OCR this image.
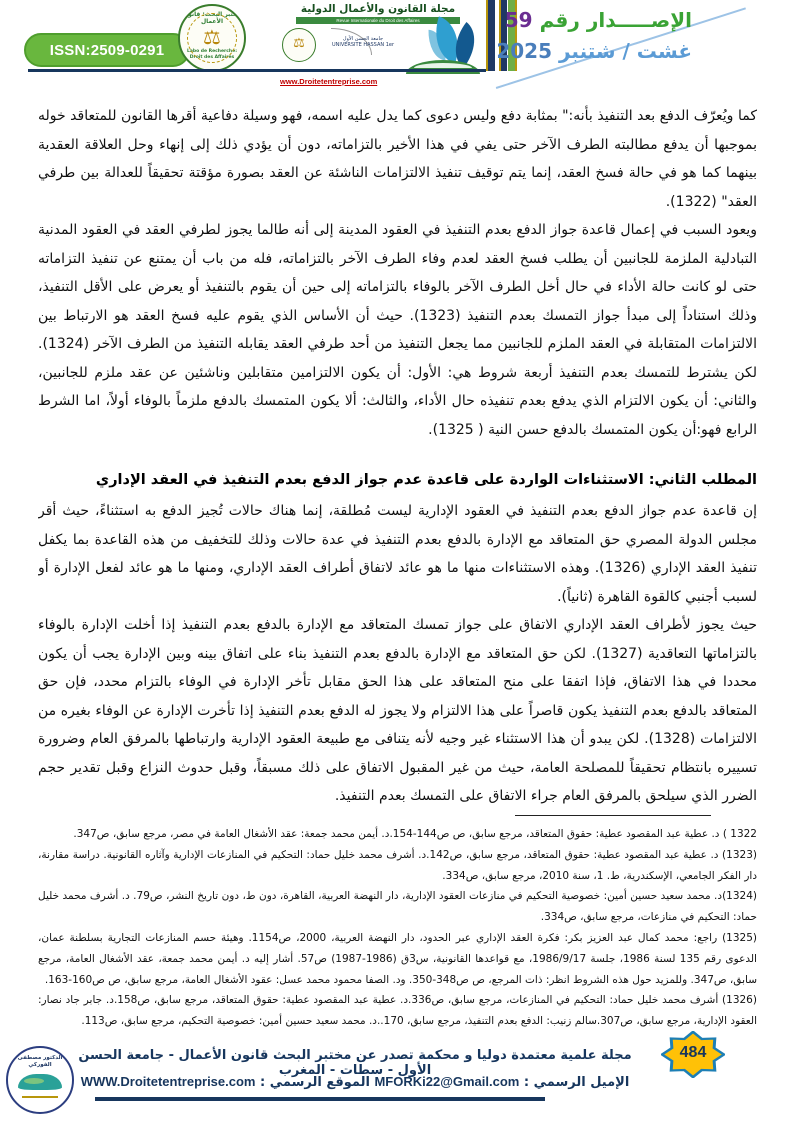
ISSN:2509-0291
مختبر البحث: قانون الأعمال
⚖
Labo de Recherche: Droit des Affaires
مجلة القانون والأعمال الدولية
Revue Internationale du Droit des Affaires
⚖	جامعة الحسن الأول UNIVERSITE HASSAN 1er
www.Droitetentreprise.com
الإصـــــدار رقم 59
غشت / شتنبر 2025

كما ويُعرّف الدفع بعد التنفيذ بأنه:" بمثابة دفع وليس دعوى كما يدل عليه اسمه، فهو وسيلة دفاعية أقرها القانون للمتعاقد خوله بموجبها أن يدفع مطالبته الطرف الآخر حتى يفي في هذا الأخير بالتزاماته، دون أن يؤدي ذلك إلى إنهاء وحل العلاقة العقدية بينهما كما هو في حالة فسخ العقد، إنما يتم توقيف تنفيذ الالتزامات الناشئة عن العقد بصورة مؤقتة تحقيقاً للعدالة بين طرفي العقد" (1322).

ويعود السبب في إعمال قاعدة جواز الدفع بعدم التنفيذ في العقود المدينة إلى أنه طالما يجوز لطرفي العقد في العقود المدنية التبادلية الملزمة للجانبين أن يطلب فسخ العقد لعدم وفاء الطرف الآخر بالتزاماته، فله من باب أن يمتنع عن تنفيذ التزاماته حتى لو كانت حالة الأداء في حال أخل الطرف الآخر بالوفاء بالتزاماته إلى حين أن يقوم بالتنفيذ أو يعرض على الأقل التنفيذ، وذلك استناداً إلى مبدأ جواز التمسك بعدم التنفيذ (1323). حيث أن الأساس الذي يقوم عليه فسخ العقد هو الارتباط بين الالتزامات المتقابلة في العقد الملزم للجانبين مما يجعل التنفيذ من أحد طرفي العقد يقابله التنفيذ من الطرف الآخر (1324). لكن يشترط للتمسك بعدم التنفيذ أربعة شروط هي: الأول: أن يكون الالتزامين متقابلين وناشئين عن عقد ملزم للجانبين، والثاني: أن يكون الالتزام الذي يدفع بعدم تنفيذه حال الأداء، والثالث: ألا يكون المتمسك بالدفع ملزماً بالوفاء أولاً، اما الشرط الرابع فهو:أن يكون المتمسك بالدفع حسن النية ( 1325).

المطلب الثاني: الاستثناءات الواردة على قاعدة عدم جواز الدفع بعدم التنفيذ في العقد الإداري

إن قاعدة عدم جواز الدفع بعدم التنفيذ في العقود الإدارية ليست مُطلقة، إنما هناك حالات تُجيز الدفع به استثناءً، حيث أقر مجلس الدولة المصري حق المتعاقد مع الإدارة بالدفع بعدم التنفيذ في عدة حالات وذلك للتخفيف من هذه القاعدة بما يكفل تنفيذ العقد الإداري (1326). وهذه الاستثناءات منها ما هو عائد لاتفاق أطراف العقد الإداري، ومنها ما هو عائد لفعل الإدارة أو لسبب أجنبي كالقوة القاهرة (ثانياً).

حيث يجوز لأطراف العقد الإداري الاتفاق على جواز تمسك المتعاقد مع الإدارة بالدفع بعدم التنفيذ إذا أخلت الإدارة بالوفاء بالتزاماتها التعاقدية (1327). لكن حق المتعاقد مع الإدارة بالدفع بعدم التنفيذ بناء على اتفاق بينه وبين الإدارة يجب أن يكون محددا في هذا الاتفاق، فإذا اتفقا على منح المتعاقد على هذا الحق مقابل تأخر الإدارة في الوفاء بالتزام محدد، فإن حق المتعاقد بالدفع بعدم التنفيذ يكون قاصراً على هذا الالتزام ولا يجوز له الدفع بعدم التنفيذ إذا تأخرت الإدارة عن الوفاء بغيره من الالتزامات (1328). لكن يبدو أن هذا الاستثناء غير وجيه لأنه يتنافى مع طبيعة العقود الإدارية وارتباطها بالمرفق العام وضرورة تسييره بانتظام تحقيقاً للمصلحة العامة، حيث من غير المقبول الاتفاق على ذلك مسبقاً، وقبل حدوث النزاع وقبل تقدير حجم الضرر الذي سيلحق بالمرفق العام جراء الاتفاق على التمسك بعدم التنفيذ.

1322 ) د. عطية عبد المقصود عطية: حقوق المتعاقد، مرجع سابق، ص ص144-154.د. أيمن محمد جمعة: عقد الأشغال العامة في مصر، مرجع سابق، ص347.

(1323) د. عطية عبد المقصود عطية: حقوق المتعاقد، مرجع سابق، ص142.د. أشرف محمد خليل حماد: التحكيم في المنازعات الإدارية وآثاره القانونية. دراسة مقارنة، دار الفكر الجامعي، الإسكندرية، ط. 1، سنة 2010، مرجع سابق، ص334.

(1324)د. محمد سعيد حسين أمين: خصوصية التحكيم في منازعات العقود الإدارية، دار النهضة العربية، القاهرة، دون ط، دون تاريخ النشر، ص79. د. أشرف محمد خليل حماد: التحكيم في منازعات، مرجع سابق، ص334.

(1325) راجع: محمد كمال عبد العزيز بكر: فكرة العقد الإداري عبر الحدود، دار النهضة العربية، 2000، ص1154. وهيئة حسم المنازعات التجارية بسلطنة عمان، الدعوى رقم 135 لسنة 1986، جلسة 1986/9/17، مع قواعدها القانونية، س3ق (1986-1987) ص57. أشار إليه د. أيمن محمد جمعة، عقد الأشغال العامة، مرجع سابق، ص347. وللمزيد حول هذه الشروط انظر: ذات المرجع، ص ص348-350. ود. الصفا محمود محمد عسل: عقود الأشغال العامة، مرجع سابق، ص ص160-163.

(1326) أشرف محمد خليل حماد: التحكيم في المنازعات، مرجع سابق، ص336.د. عطية عبد المقصود عطية: حقوق المتعاقد، مرجع سابق، ص158.د. جابر جاد نصار: العقود الإدارية، مرجع سابق، ص307.سالم زنيب: الدفع بعدم التنفيذ، مرجع سابق، 170..د. محمد سعيد حسين أمين: خصوصية التحكيم، مرجع سابق، ص113.

484
الدكتور مصطفى الفوركي
مجلة علمية معتمدة دوليا و محكمة تصدر عن مختبر البحث قانون الأعمال - جامعة الحسن الأول - سطات - المغرب
الإميل الرسمي : MFORKi22@Gmail.com الموقع الرسمي : WWW.Droitetentreprise.com
